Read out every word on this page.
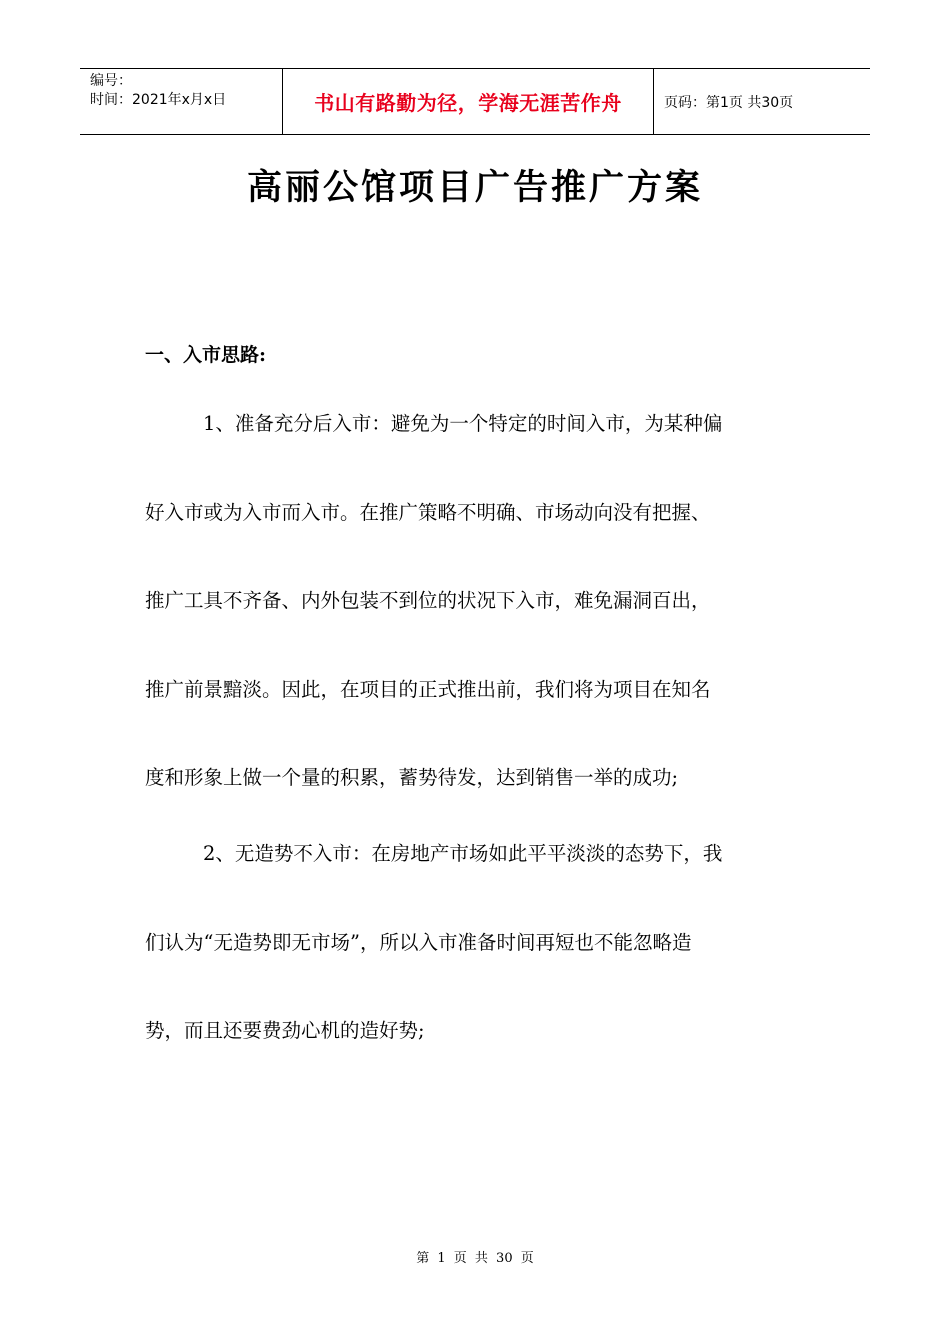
编号：
时间：2021年x月x日	书山有路勤为径，学海无涯苦作舟	页码：第1页 共30页
高丽公馆项目广告推广方案
一、入市思路:
1、准备充分后入市：避免为一个特定的时间入市，为某种偏
好入市或为入市而入市。在推广策略不明确、市场动向没有把握、
推广工具不齐备、内外包装不到位的状况下入市，难免漏洞百出，
推广前景黯淡。因此，在项目的正式推出前，我们将为项目在知名
度和形象上做一个量的积累，蓄势待发，达到销售一举的成功;
2、无造势不入市：在房地产市场如此平平淡淡的态势下，我
们认为“无造势即无市场”，所以入市准备时间再短也不能忽略造
势，而且还要费劲心机的造好势;
第 1 页 共 30 页
